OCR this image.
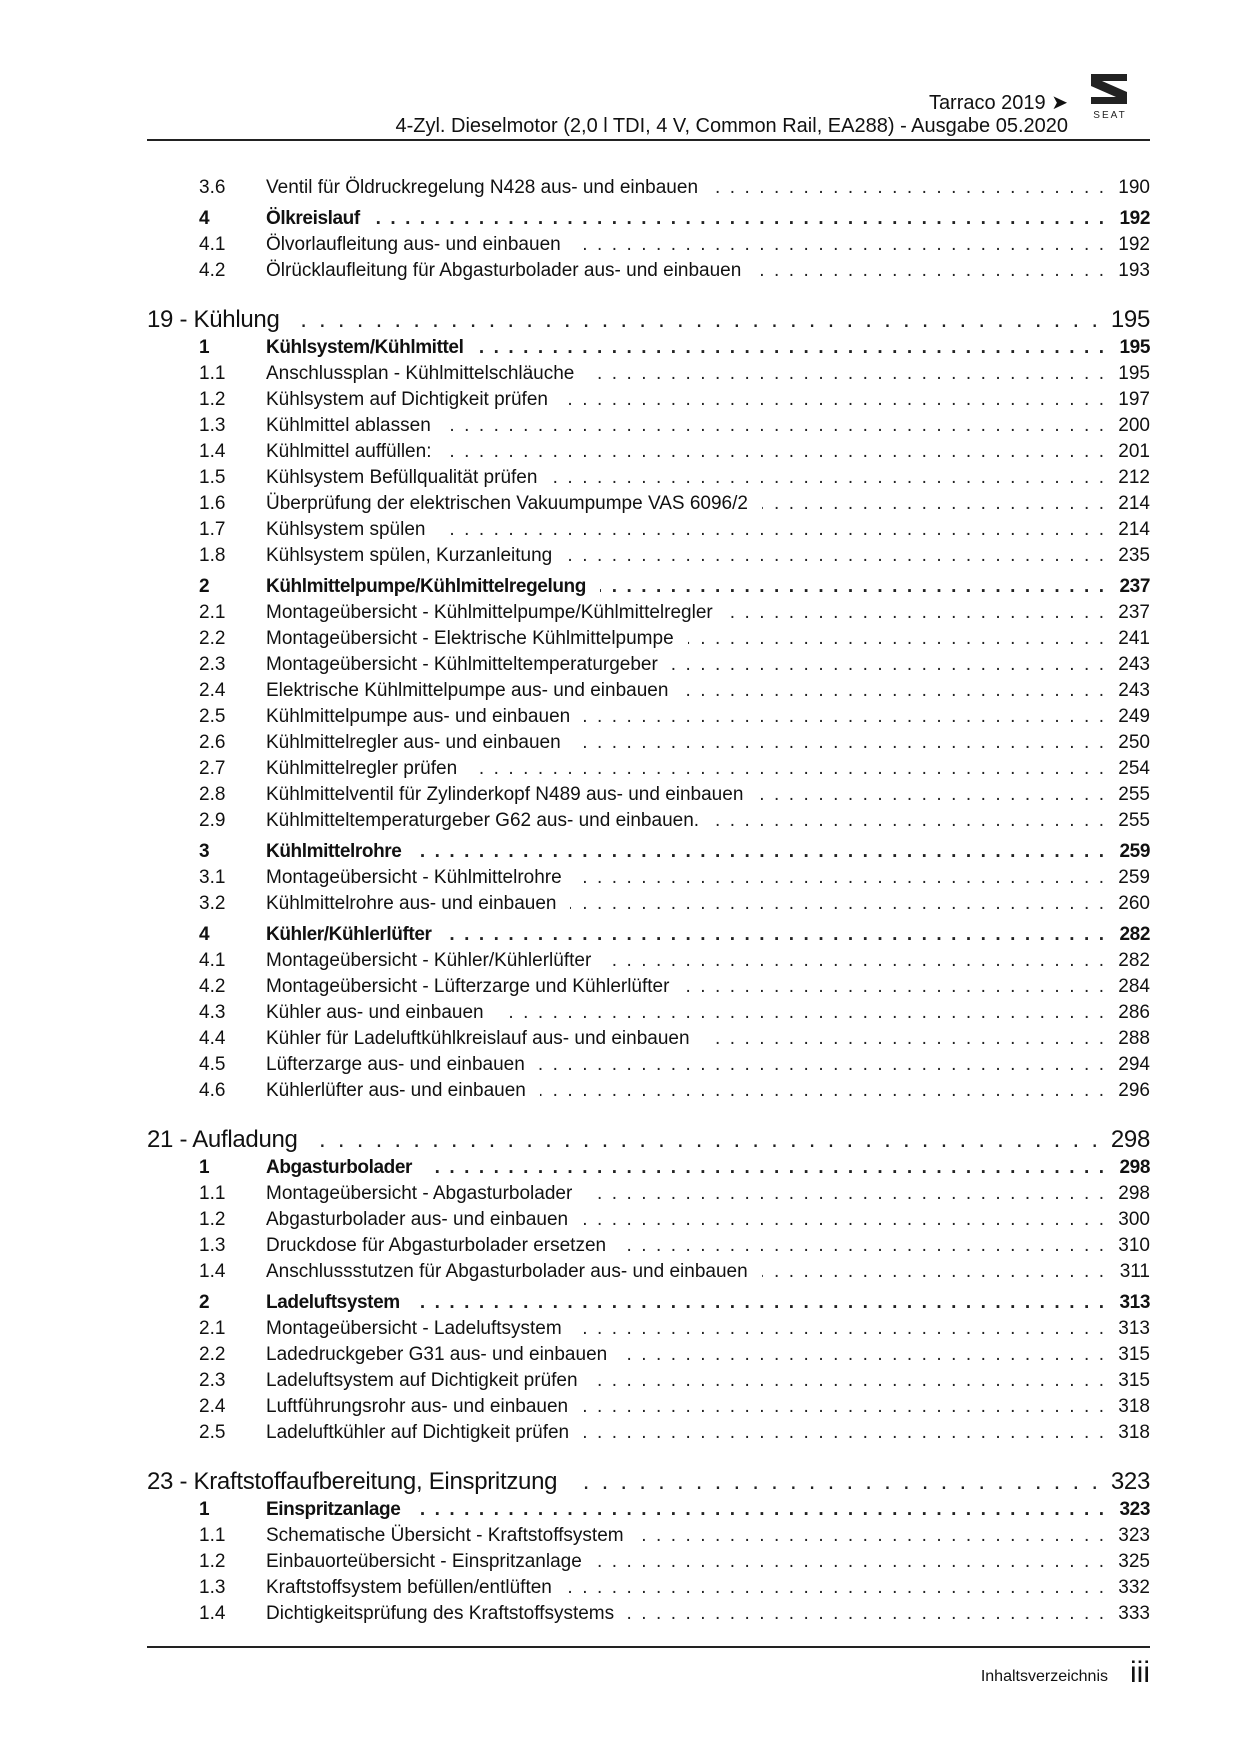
Tarraco 2019 ➤
4-Zyl. Dieselmotor (2,0 l TDI, 4 V, Common Rail, EA288) - Ausgabe 05.2020	SEAT
3.6	Ventil für Öldruckregelung N428 aus- und einbauen . . .	190
4	Ölkreislauf . . .	192
4.1	Ölvorlaufleitung aus- und einbauen . . .	192
4.2	Ölrücklaufleitung für Abgasturbolader aus- und einbauen . . .	193
19 - Kühlung . . .	195
1	Kühlsystem/Kühlmittel . . .	195
1.1	Anschlussplan - Kühlmittelschläuche . . .	195
1.2	Kühlsystem auf Dichtigkeit prüfen . . .	197
1.3	Kühlmittel ablassen . . .	200
1.4	Kühlmittel auffüllen: . . .	201
1.5	Kühlsystem Befüllqualität prüfen . . .	212
1.6	Überprüfung der elektrischen Vakuumpumpe VAS 6096/2 . . .	214
1.7	Kühlsystem spülen . . .	214
1.8	Kühlsystem spülen, Kurzanleitung . . .	235
2	Kühlmittelpumpe/Kühlmittelregelung . . .	237
2.1	Montageübersicht - Kühlmittelpumpe/Kühlmittelregler . . .	237
2.2	Montageübersicht - Elektrische Kühlmittelpumpe . . .	241
2.3	Montageübersicht - Kühlmitteltemperaturgeber . . .	243
2.4	Elektrische Kühlmittelpumpe aus- und einbauen . . .	243
2.5	Kühlmittelpumpe aus- und einbauen . . .	249
2.6	Kühlmittelregler aus- und einbauen . . .	250
2.7	Kühlmittelregler prüfen . . .	254
2.8	Kühlmittelventil für Zylinderkopf N489 aus- und einbauen . . .	255
2.9	Kühlmitteltemperaturgeber G62 aus- und einbauen. . . .	255
3	Kühlmittelrohre . . .	259
3.1	Montageübersicht - Kühlmittelrohre . . .	259
3.2	Kühlmittelrohre aus- und einbauen . . .	260
4	Kühler/Kühlerlüfter . . .	282
4.1	Montageübersicht - Kühler/Kühlerlüfter . . .	282
4.2	Montageübersicht - Lüfterzarge und Kühlerlüfter . . .	284
4.3	Kühler aus- und einbauen . . .	286
4.4	Kühler für Ladeluftkühlkreislauf aus- und einbauen . . .	288
4.5	Lüfterzarge aus- und einbauen . . .	294
4.6	Kühlerlüfter aus- und einbauen . . .	296
21 - Aufladung . . .	298
1	Abgasturbolader . . .	298
1.1	Montageübersicht - Abgasturbolader . . .	298
1.2	Abgasturbolader aus- und einbauen . . .	300
1.3	Druckdose für Abgasturbolader ersetzen . . .	310
1.4	Anschlussstutzen für Abgasturbolader aus- und einbauen . . .	311
2	Ladeluftsystem . . .	313
2.1	Montageübersicht - Ladeluftsystem . . .	313
2.2	Ladedruckgeber G31 aus- und einbauen . . .	315
2.3	Ladeluftsystem auf Dichtigkeit prüfen . . .	315
2.4	Luftführungsrohr aus- und einbauen . . .	318
2.5	Ladeluftkühler auf Dichtigkeit prüfen . . .	318
23 - Kraftstoffaufbereitung, Einspritzung . . .	323
1	Einspritzanlage . . .	323
1.1	Schematische Übersicht - Kraftstoffsystem . . .	323
1.2	Einbauorteübersicht - Einspritzanlage . . .	325
1.3	Kraftstoffsystem befüllen/entlüften . . .	332
1.4	Dichtigkeitsprüfung des Kraftstoffsystems . . .	333
Inhaltsverzeichnis iii
